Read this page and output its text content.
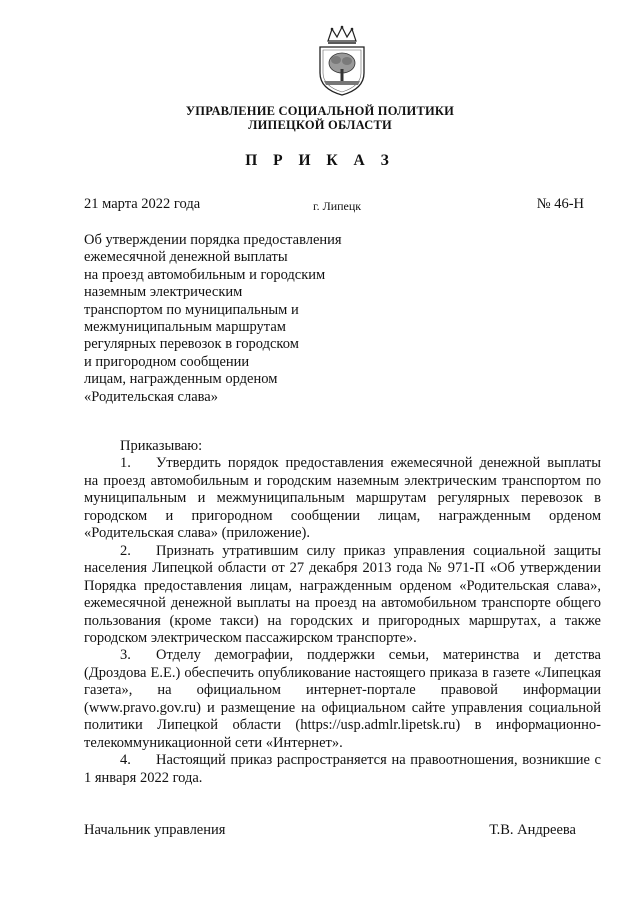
УПРАВЛЕНИЕ СОЦИАЛЬНОЙ ПОЛИТИКИ
ЛИПЕЦКОЙ ОБЛАСТИ
П Р И К А З
21 марта 2022 года	г. Липецк	№ 46-Н
Об утверждении порядка предоставления
ежемесячной денежной выплаты
на проезд автомобильным и городским
наземным электрическим
транспортом по муниципальным и
межмуниципальным маршрутам
регулярных перевозок в городском
и пригородном сообщении
лицам, награжденным орденом
«Родительская слава»

Приказываю:

1. Утвердить порядок предоставления ежемесячной денежной выплаты на проезд автомобильным и городским наземным электрическим транспортом по муниципальным и межмуниципальным маршрутам регулярных перевозок в городском и пригородном сообщении лицам, награжденным орденом «Родительская слава» (приложение).

2. Признать утратившим силу приказ управления социальной защиты населения Липецкой области от 27 декабря 2013 года № 971-П «Об утверждении Порядка предоставления лицам, награжденным орденом «Родительская слава», ежемесячной денежной выплаты на проезд на автомобильном транспорте общего пользования (кроме такси) на городских и пригородных маршрутах, а также городском электрическом пассажирском транспорте».

3. Отделу демографии, поддержки семьи, материнства и детства (Дроздова Е.Е.) обеспечить опубликование настоящего приказа в газете «Липецкая газета», на официальном интернет-портале правовой информации (www.pravo.gov.ru) и размещение на официальном сайте управления социальной политики Липецкой области (https://usp.admlr.lipetsk.ru) в информационно-телекоммуникационной сети «Интернет».

4. Настоящий приказ распространяется на правоотношения, возникшие с 1 января 2022 года.

Начальник управления	Т.В. Андреева
